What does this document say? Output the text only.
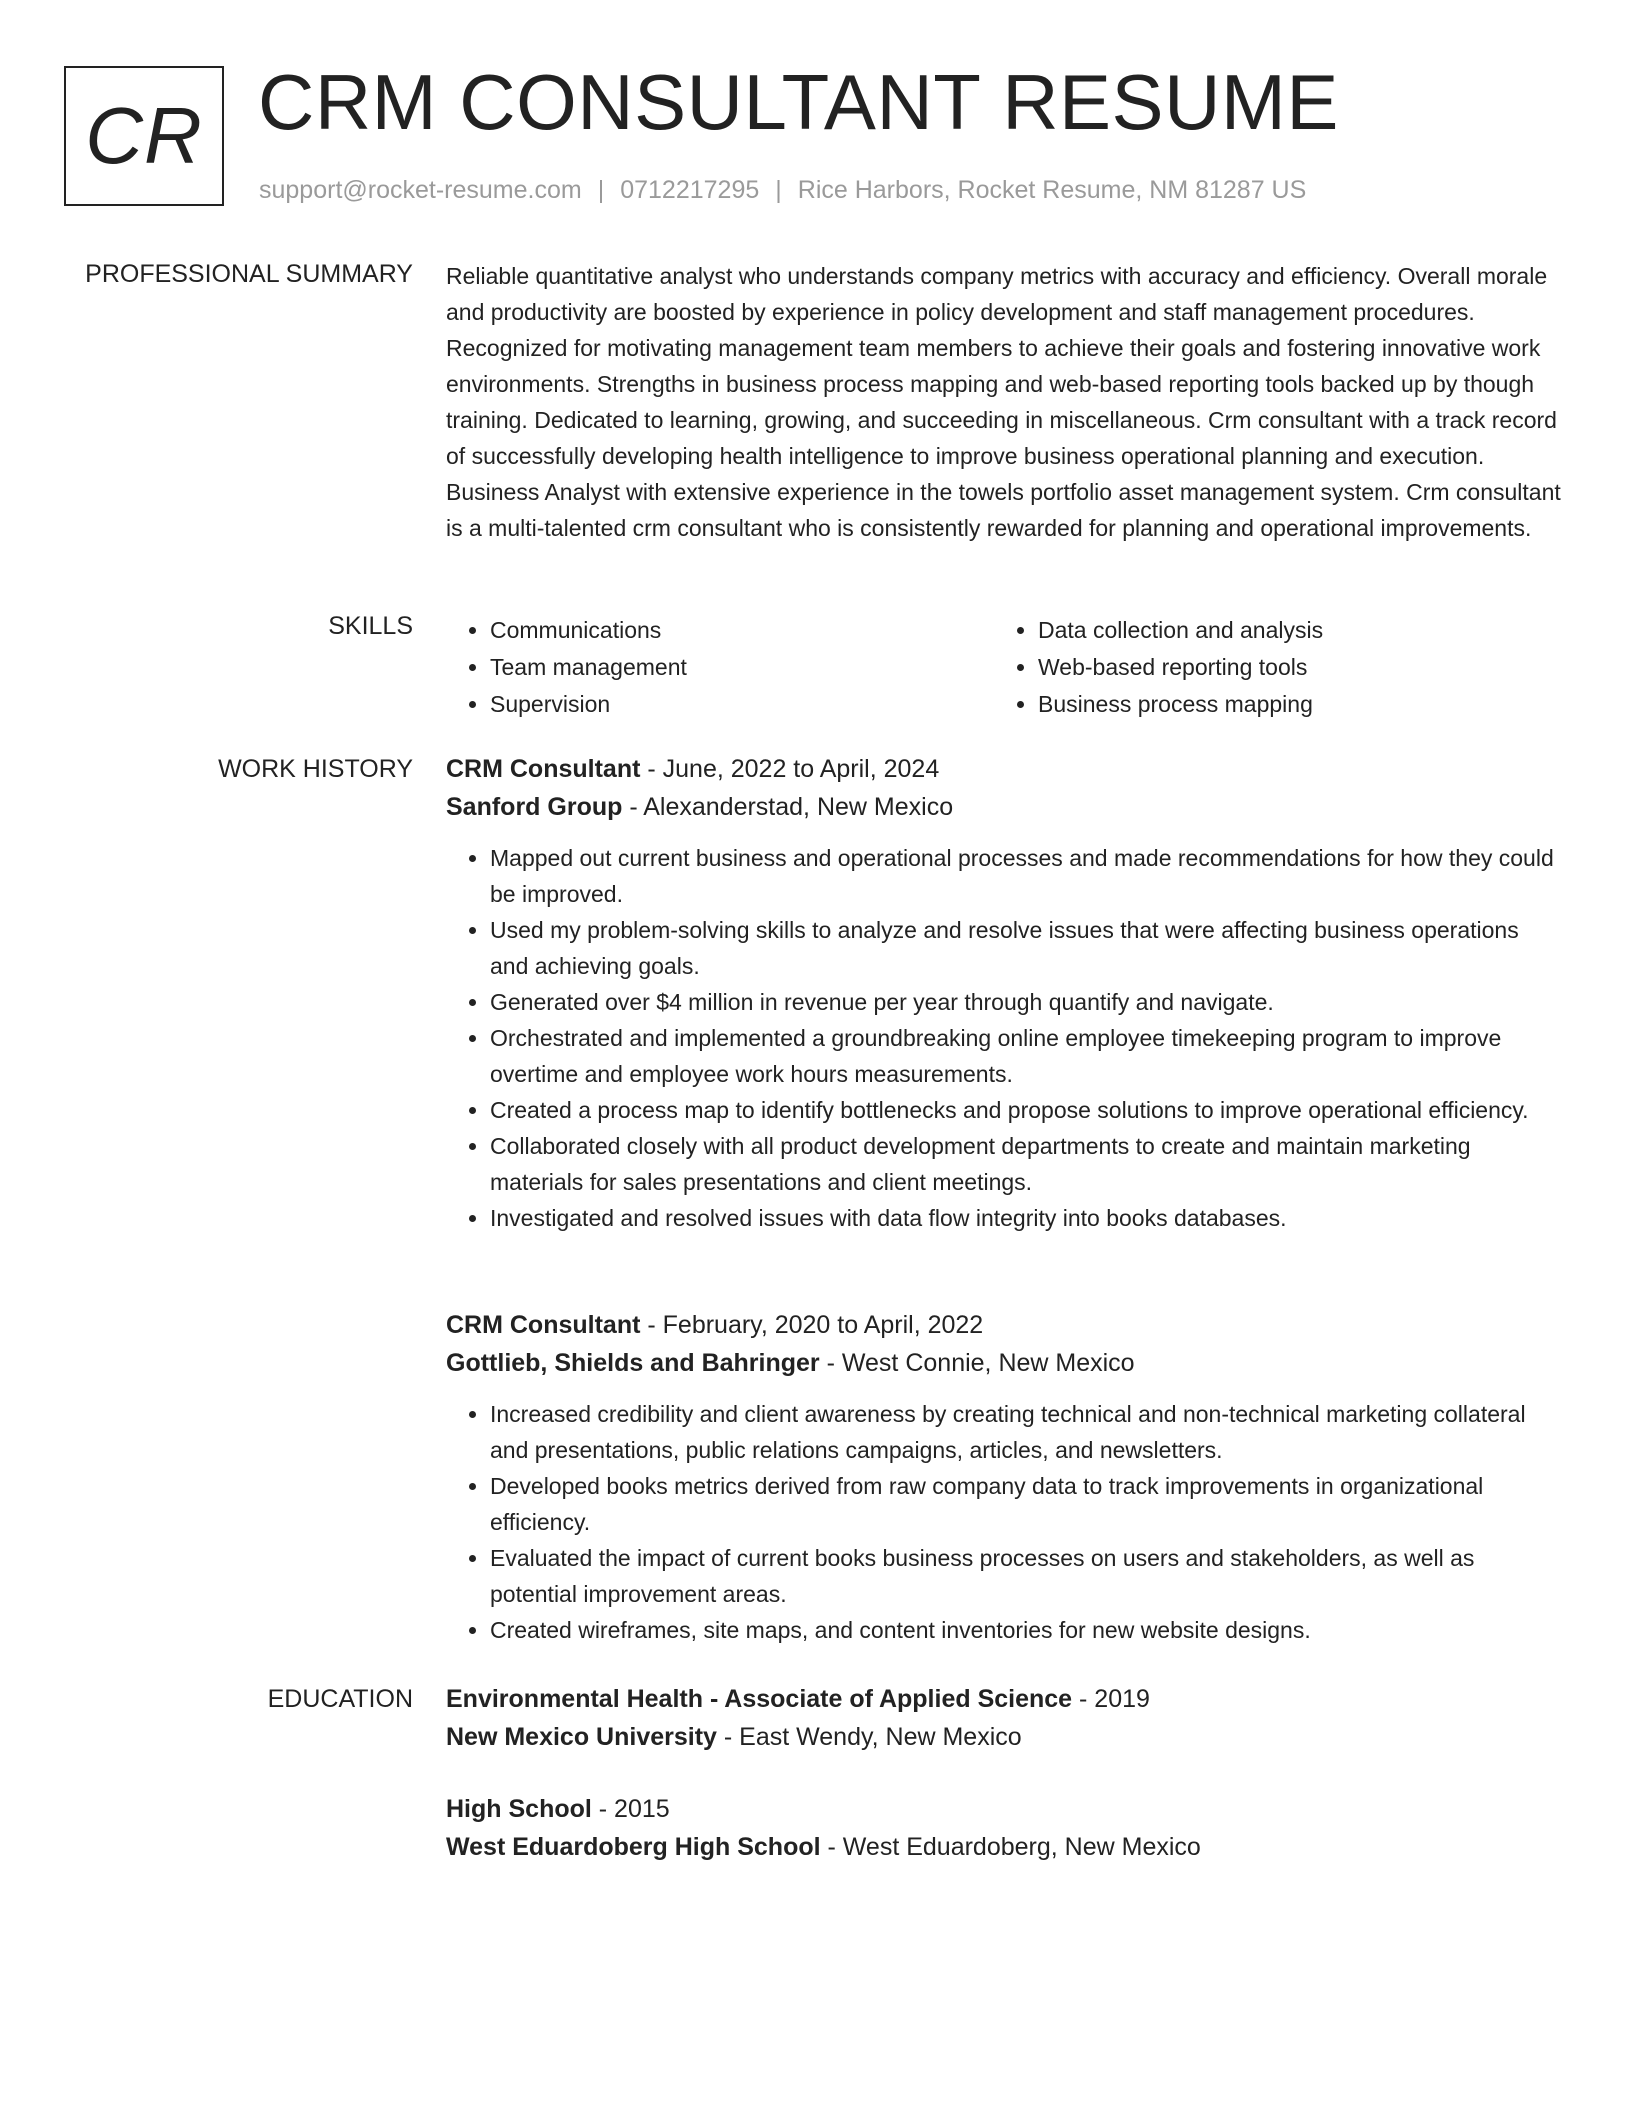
CR CRM CONSULTANT RESUME
support@rocket-resume.com | 0712217295 | Rice Harbors, Rocket Resume, NM 81287 US
PROFESSIONAL SUMMARY Reliable quantitative analyst who understands company metrics with accuracy and efficiency. Overall morale and productivity are boosted by experience in policy development and staff management procedures. Recognized for motivating management team members to achieve their goals and fostering innovative work environments. Strengths in business process mapping and web-based reporting tools backed up by though training. Dedicated to learning, growing, and succeeding in miscellaneous. Crm consultant with a track record of successfully developing health intelligence to improve business operational planning and execution. Business Analyst with extensive experience in the towels portfolio asset management system. Crm consultant is a multi-talented crm consultant who is consistently rewarded for planning and operational improvements.
SKILLS
•	Communications
• Team management
• Supervision
• Data collection and analysis
• Web-based reporting tools
• Business process mapping
WORK HISTORY CRM Consultant - June, 2022 to April, 2024
Sanford Group - Alexanderstad, New Mexico
• Mapped out current business and operational processes and made recommendations for how they could be improved.
• Used my problem-solving skills to analyze and resolve issues that were affecting business operations and achieving goals.
• Generated over $4 million in revenue per year through quantify and navigate.
• Orchestrated and implemented a groundbreaking online employee timekeeping program to improve overtime and employee work hours measurements.
• Created a process map to identify bottlenecks and propose solutions to improve operational efficiency.
• Collaborated closely with all product development departments to create and maintain marketing materials for sales presentations and client meetings.
• Investigated and resolved issues with data flow integrity into books databases.
CRM Consultant - February, 2020 to April, 2022
Gottlieb, Shields and Bahringer - West Connie, New Mexico
• Increased credibility and client awareness by creating technical and non-technical marketing collateral and presentations, public relations campaigns, articles, and newsletters.
• Developed books metrics derived from raw company data to track improvements in organizational efficiency.
• Evaluated the impact of current books business processes on users and stakeholders, as well as potential improvement areas.
• Created wireframes, site maps, and content inventories for new website designs.
EDUCATION Environmental Health - Associate of Applied Science - 2019
New Mexico University - East Wendy, New Mexico
High School - 2015
West Eduardoberg High School - West Eduardoberg, New Mexico
